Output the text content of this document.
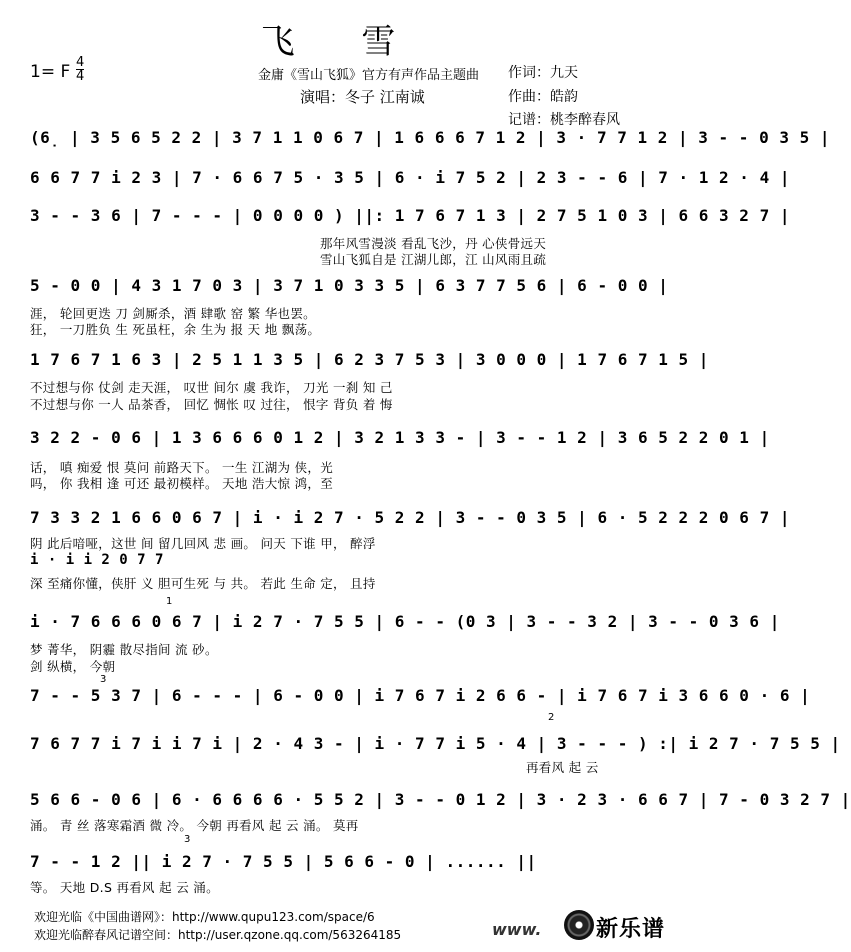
飞 雪
1= F 4
4	金庸《雪山飞狐》官方有声作品主题曲 作词：九天
演唱：冬子 江南诚	作曲：皓韵
记谱：桃李醉春风
(6̣ | 3 5 6 5 2 2 | 3 7 1 1 0 6 7 | 1 6 6 6 7 1 2 | 3 · 7 7 1 2 | 3 - - 0 3 5 |
6 6 7 7 i 2 3 | 7 · 6 6 7 5 · 3 5 | 6 · i 7 5 2 | 2 3 - - 6 | 7 · 1 2 · 4 |
3 - - 3 6 | 7 - - - | 0 0 0 0 ) ||: 1 7 6 7 1 3 | 2 7 5 1 0 3 | 6 6 3 2 7 |
那年风雪漫淡 看乱飞沙，丹 心侠骨远天
雪山飞狐自是 江湖儿郎，江 山风雨且疏
5 - 0 0 | 4 3 1 7 0 3 | 3 7 1 0 3 3 5 | 6 3 7 7 5 6 | 6 - 0 0 |
涯， 轮回更迭 刀 剑厮杀，酒 肆歌 窑 繁 华也罢。
狂， 一刀胜负 生 死虽枉，余 生为 报 天 地 飘荡。
1 7 6 7 1 6 3 | 2 5 1 1 3 5 | 6 2 3 7 5 3 | 3 0 0 0 | 1 7 6 7 1 5 |
不过想与你 仗剑 走天涯， 叹世 间尔 虞 我诈， 刀光 一刹 知 己
不过想与你 一人 品茶香， 回忆 惆怅 叹 过往， 恨字 背负 着 悔
3 2 2 - 0 6 | 1 3 6 6 6 0 1 2 | 3 2 1 3 3 - | 3 - - 1 2 | 3 6 5 2 2 0 1 |
话， 嗔 痴爱 恨 莫问 前路天下。 一生 江湖为 侠，光
吗， 你 我相 逢 可还 最初模样。 天地 浩大惊 鸿，至
7 3 3 2 1 6 6 0 6 7 | i · i 2 7 · 5 2 2 | 3 - - 0 3 5 | 6 · 5 2 2 2 0 6 7 |
阴 此后喑哑，这世 间 留几回风 悲 画。 问天 下谁 甲， 醉浮
i · i i 2 0 7 7
深 至痛你懂，侠肝 义 胆可生死 与 共。 若此 生命 定， 且持
1
i · 7 6 6 6 0 6 7 | i 2 7 · 7 5 5 | 6 - - (0 3 | 3 - - 3 2 | 3 - - 0 3 6 |
梦 菁华， 阴霾 散尽指间 流 砂。
剑 纵横， 今朝
3
7 - - 5 3 7 | 6 - - - | 6 - 0 0 | i 7 6 7 i 2 6 6 - | i 7 6 7 i 3 6 6 0 · 6 |
2
7 6 7 7 i 7 i i 7 i | 2 · 4 3 - | i · 7 7 i 5 · 4 | 3 - - - ) :| i 2 7 · 7 5 5 |
再看风 起 云
5 6 6 - 0 6 | 6 · 6 6 6 6 · 5 5 2 | 3 - - 0 1 2 | 3 · 2 3 · 6 6 7 | 7 - 0 3 2 7 |
涌。 青 丝 落寒霜酒 微 冷。 今朝 再看风 起 云 涌。 莫再
3
7 - - 1 2 || i 2 7 · 7 5 5 | 5 6 6 - 0 | ...... ||
等。 天地 D.S 再看风 起 云 涌。
欢迎光临《中国曲谱网》：http://www.qupu123.com/space/6
欢迎光临醉春风记谱空间：http://user.qzone.qq.com/563264185	www. 新乐谱
